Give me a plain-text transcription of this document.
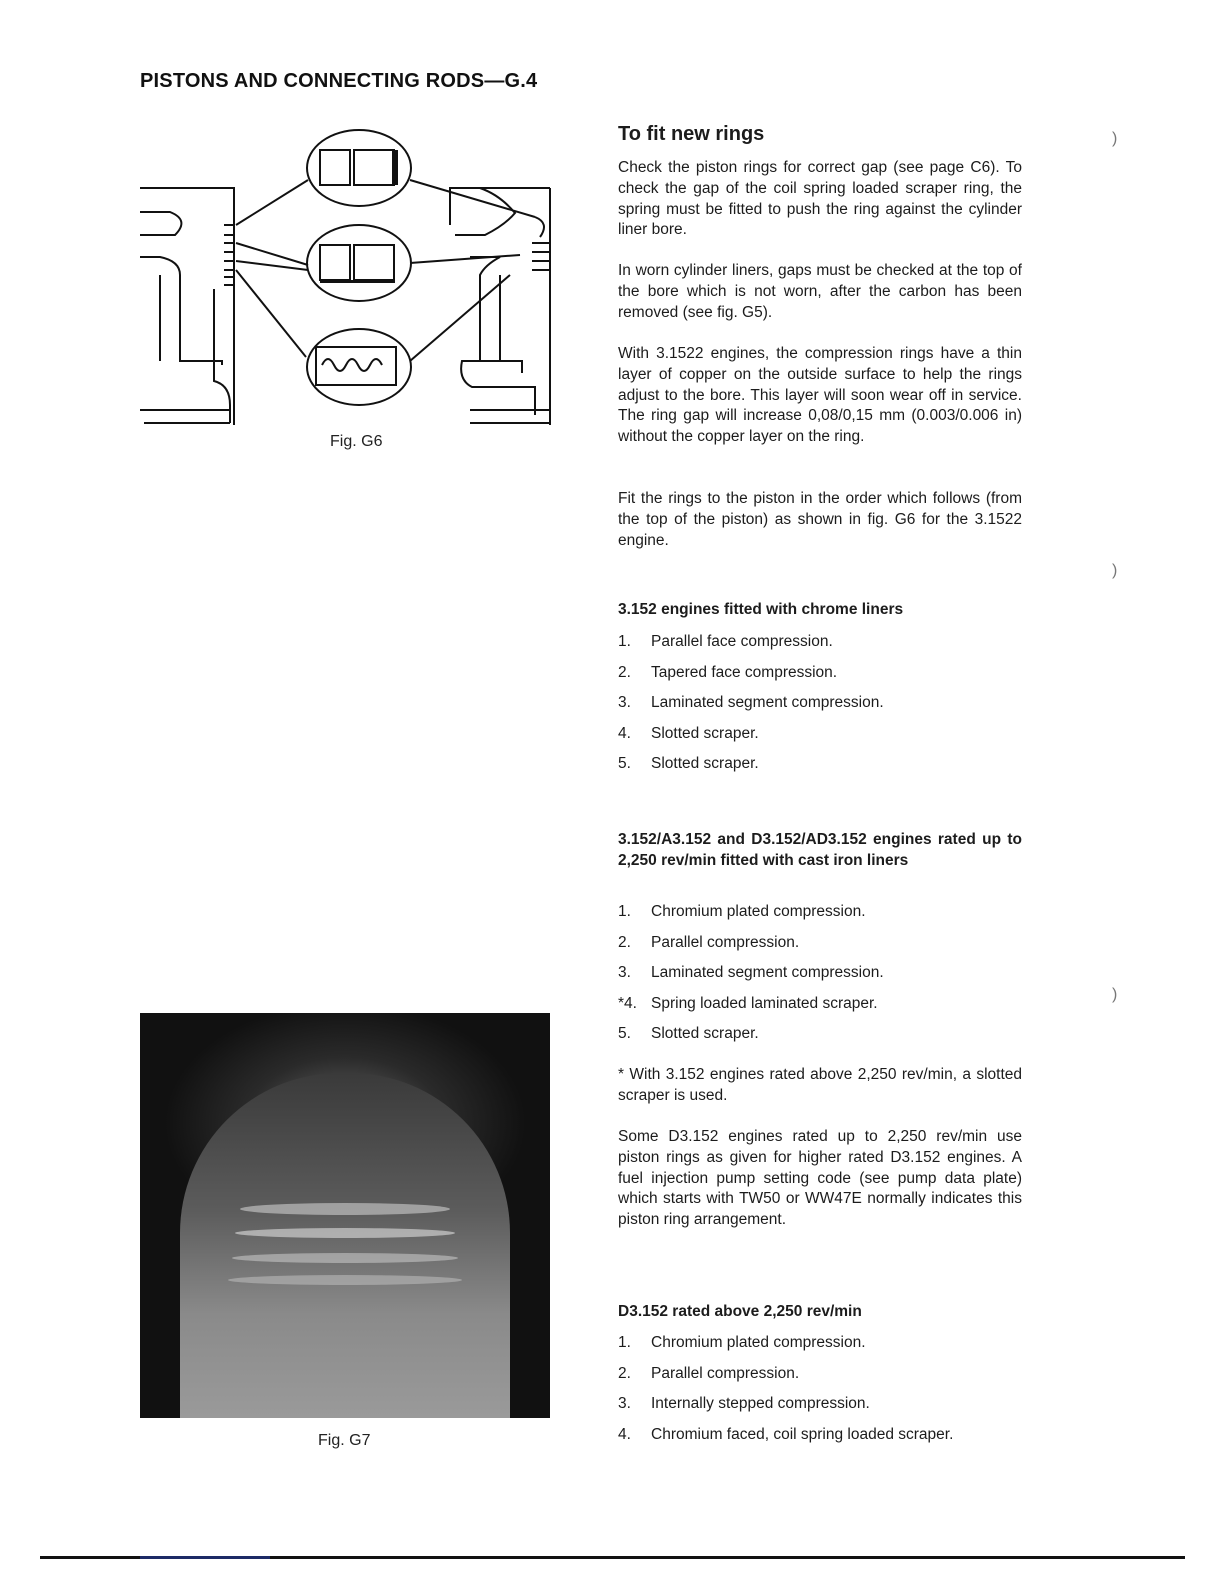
PISTONS AND CONNECTING RODS—G.4
Fig. G6
Fig. G7
To fit new rings

Check the piston rings for correct gap (see page C6). To check the gap of the coil spring loaded scraper ring, the spring must be fitted to push the ring against the cylinder liner bore.

In worn cylinder liners, gaps must be checked at the top of the bore which is not worn, after the carbon has been removed (see fig. G5).

With 3.1522 engines, the compression rings have a thin layer of copper on the outside surface to help the rings adjust to the bore. This layer will soon wear off in service. The ring gap will increase 0,08/0,15 mm (0.003/0.006 in) without the copper layer on the ring.

Fit the rings to the piston in the order which follows (from the top of the piston) as shown in fig. G6 for the 3.1522 engine.

3.152 engines fitted with chrome liners

1.	Parallel face compression.
2.	Tapered face compression.
3.	Laminated segment compression.
4.	Slotted scraper.
5.	Slotted scraper.

3.152/A3.152 and D3.152/AD3.152 engines rated up to 2,250 rev/min fitted with cast iron liners

1.	Chromium plated compression.
2.	Parallel compression.
3.	Laminated segment compression.
*4. Spring loaded laminated scraper.
5.	Slotted scraper.

* With 3.152 engines rated above 2,250 rev/min, a slotted scraper is used.

Some D3.152 engines rated up to 2,250 rev/min use piston rings as given for higher rated D3.152 engines. A fuel injection pump setting code (see pump data plate) which starts with TW50 or WW47E normally indicates this piston ring arrangement.

D3.152 rated above 2,250 rev/min

1.	Chromium plated compression.
2.	Parallel compression.
3.	Internally stepped compression.
4.	Chromium faced, coil spring loaded scraper.
)
)
)
